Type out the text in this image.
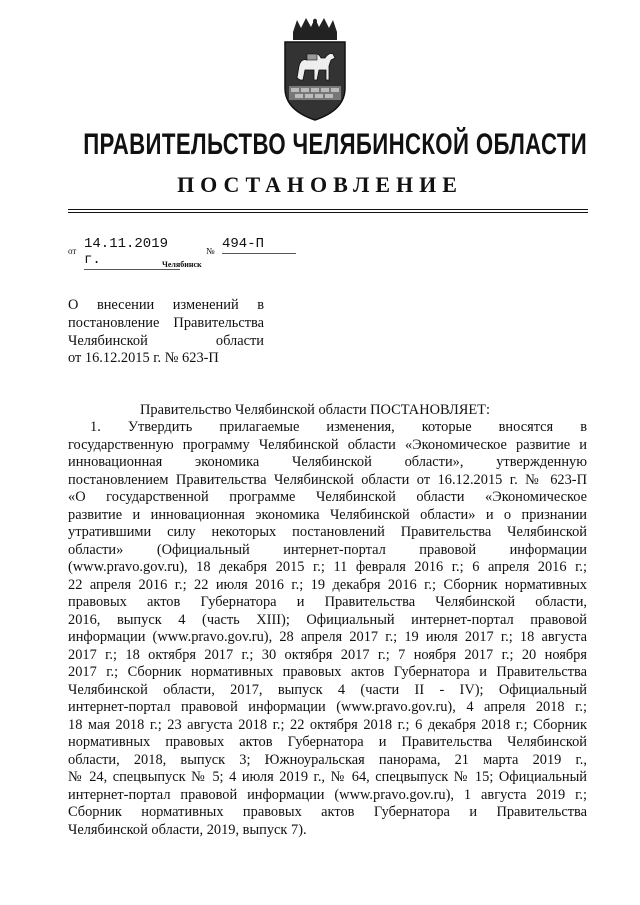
ПРАВИТЕЛЬСТВО ЧЕЛЯБИНСКОЙ ОБЛАСТИ
ПОСТАНОВЛЕНИЕ
от 14.11.2019 г.
№ 494-П
Челябинск
О внесении изменений в
постановление Правительства
Челябинской области
от 16.12.2015 г. № 623-П
Правительство Челябинской области ПОСТАНОВЛЯЕТ:
1. Утвердить прилагаемые изменения, которые вносятся в
государственную программу Челябинской области «Экономическое развитие и
инновационная экономика Челябинской области», утвержденную
постановлением Правительства Челябинской области от 16.12.2015 г. № 623-П
«О государственной программе Челябинской области «Экономическое
развитие и инновационная экономика Челябинской области» и о признании
утратившими силу некоторых постановлений Правительства Челябинской
области» (Официальный интернет-портал правовой информации
(www.pravo.gov.ru), 18 декабря 2015 г.; 11 февраля 2016 г.; 6 апреля 2016 г.;
22 апреля 2016 г.; 22 июля 2016 г.; 19 декабря 2016 г.; Сборник нормативных
правовых актов Губернатора и Правительства Челябинской области,
2016, выпуск 4 (часть XIII); Официальный интернет-портал правовой
информации (www.pravo.gov.ru), 28 апреля 2017 г.; 19 июля 2017 г.; 18 августа
2017 г.; 18 октября 2017 г.; 30 октября 2017 г.; 7 ноября 2017 г.; 20 ноября
2017 г.; Сборник нормативных правовых актов Губернатора и Правительства
Челябинской области, 2017, выпуск 4 (части II - IV); Официальный
интернет-портал правовой информации (www.pravo.gov.ru), 4 апреля 2018 г.;
18 мая 2018 г.; 23 августа 2018 г.; 22 октября 2018 г.; 6 декабря 2018 г.; Сборник
нормативных правовых актов Губернатора и Правительства Челябинской
области, 2018, выпуск 3; Южноуральская панорама, 21 марта 2019 г.,
№ 24, спецвыпуск № 5; 4 июля 2019 г., № 64, спецвыпуск № 15; Официальный
интернет-портал правовой информации (www.pravo.gov.ru), 1 августа 2019 г.;
Сборник нормативных правовых актов Губернатора и Правительства
Челябинской области, 2019, выпуск 7).
